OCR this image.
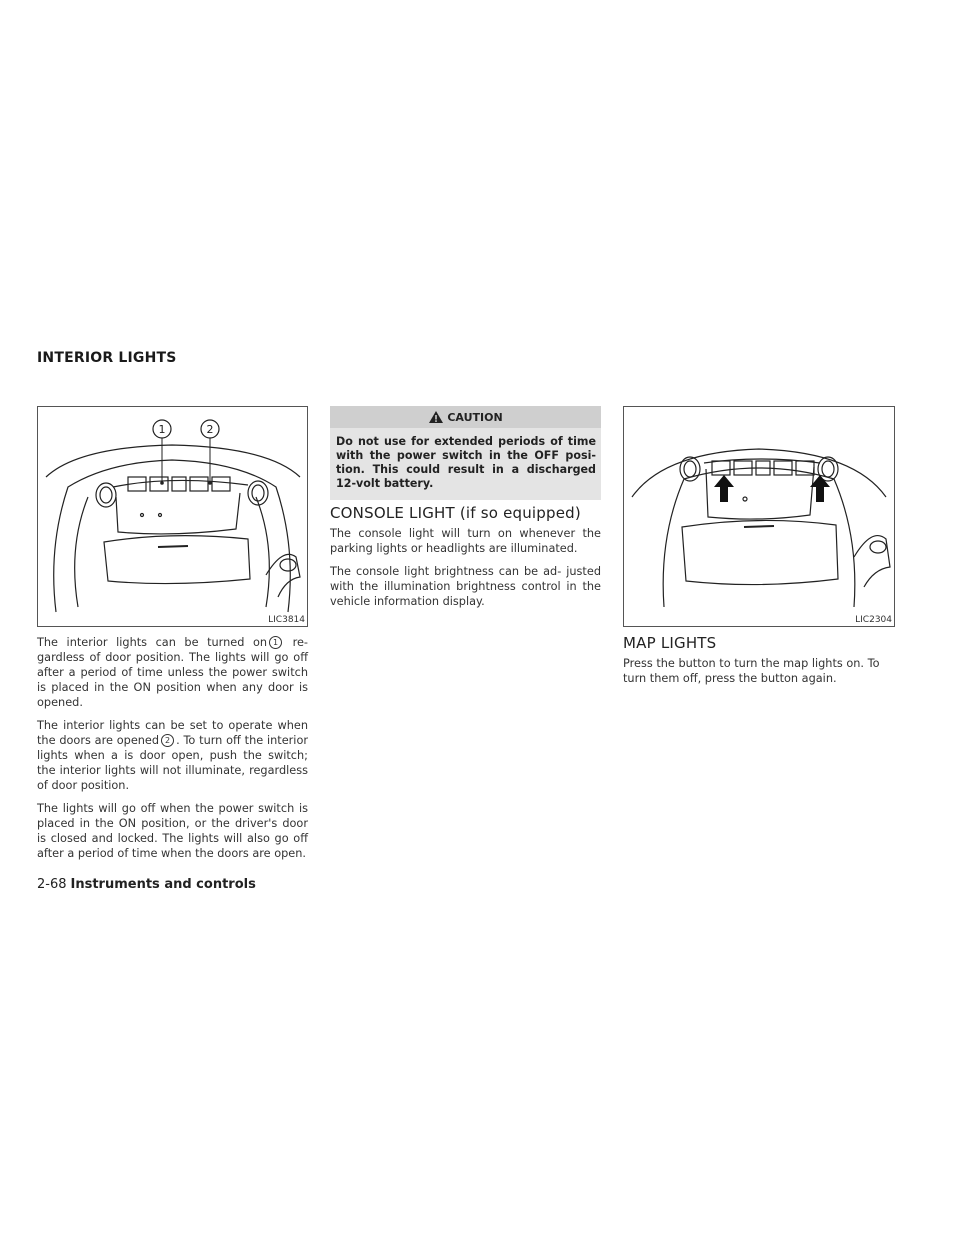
INTERIOR LIGHTS
1	2
LIC3814

The interior lights can be turned on 1 re- gardless of door position. The lights will go off after a period of time unless the power switch is placed in the ON position when any door is opened.

The interior lights can be set to operate when the doors are opened 2 . To turn off the interior lights when a is door open, push the switch; the interior lights will not illuminate, regardless of door position.

The lights will go off when the power switch is placed in the ON position, or the driver's door is closed and locked. The lights will also go off after a period of time when the doors are open.

CAUTION
Do not use for extended periods of time with the power switch in the OFF posi- tion. This could result in a discharged 12-volt battery.
CONSOLE LIGHT (if so equipped)

The console light will turn on whenever the parking lights or headlights are illuminated.

The console light brightness can be ad- justed with the illumination brightness control in the vehicle information display.

LIC2304
MAP LIGHTS

Press the button to turn the map lights on. To turn them off, press the button again.

2-68 Instruments and controls
